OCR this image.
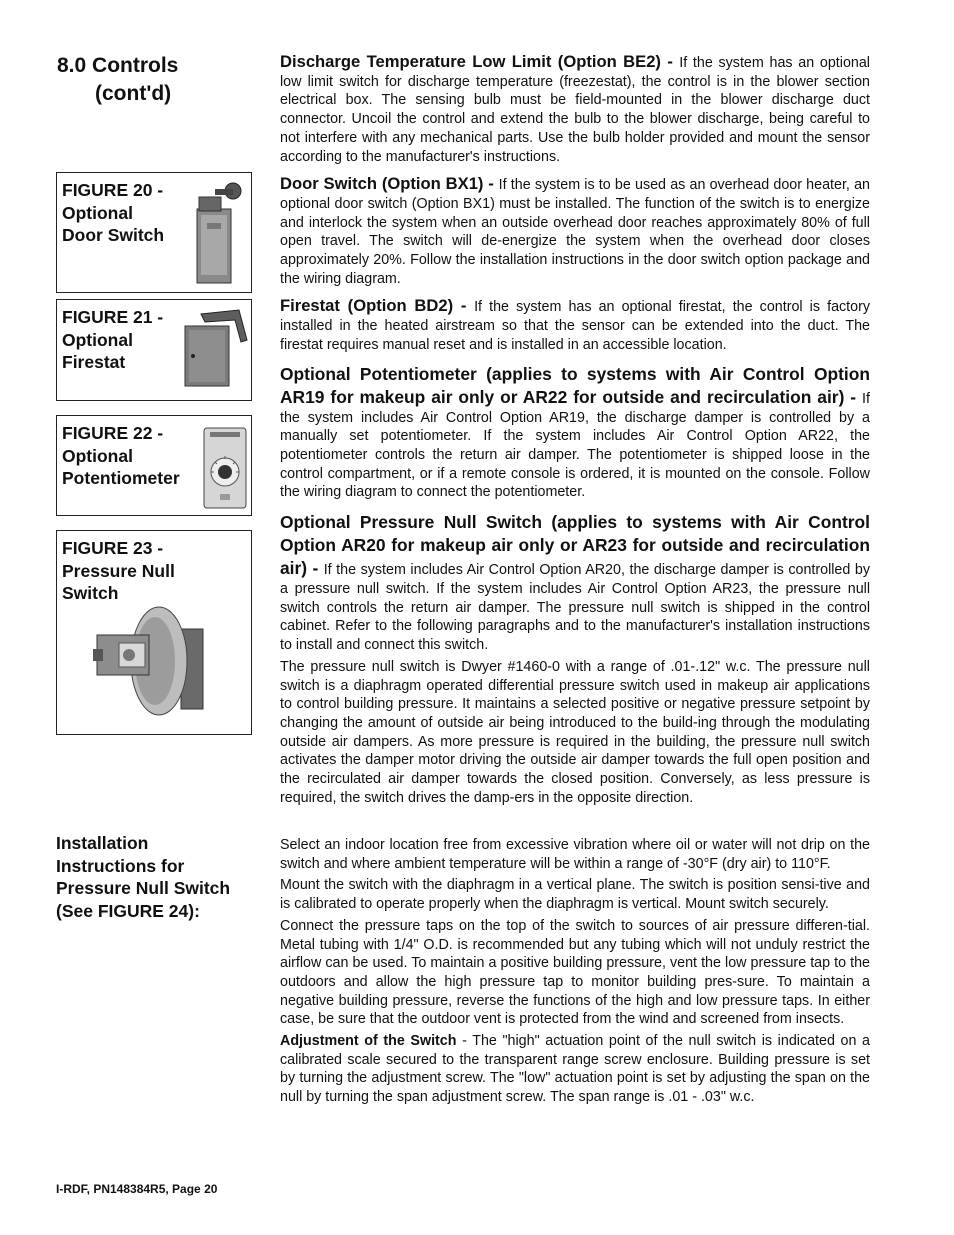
8.0 Controls
(cont'd)
FIGURE 20 -
Optional
Door Switch
FIGURE 21 -
Optional
Firestat
FIGURE 22 -
Optional
Potentiometer
FIGURE 23 -
Pressure Null
Switch

Discharge Temperature Low Limit (Option BE2) - If the system has an optional low limit switch for discharge temperature (freezestat), the control is in the blower section electrical box. The sensing bulb must be field-mounted in the blower discharge duct connector. Uncoil the control and extend the bulb to the blower discharge, being careful to not interfere with any mechanical parts. Use the bulb holder provided and mount the sensor according to the manufacturer's instructions.

Door Switch (Option BX1) - If the system is to be used as an overhead door heater, an optional door switch (Option BX1) must be installed. The function of the switch is to energize and interlock the system when an outside overhead door reaches approximately 80% of full open travel. The switch will de-energize the system when the overhead door closes approximately 20%. Follow the installation instructions in the door switch option package and the wiring diagram.

Firestat (Option BD2) - If the system has an optional firestat, the control is factory installed in the heated airstream so that the sensor can be extended into the duct. The firestat requires manual reset and is installed in an accessible location.

Optional Potentiometer (applies to systems with Air Control Option AR19 for makeup air only or AR22 for outside and recirculation air) - If the system includes Air Control Option AR19, the discharge damper is controlled by a manually set potentiometer. If the system includes Air Control Option AR22, the potentiometer controls the return air damper. The potentiometer is shipped loose in the control compartment, or if a remote console is ordered, it is mounted on the console. Follow the wiring diagram to connect the potentiometer.

Optional Pressure Null Switch (applies to systems with Air Control Option AR20 for makeup air only or AR23 for outside and recirculation air) - If the system includes Air Control Option AR20, the discharge damper is controlled by a pressure null switch. If the system includes Air Control Option AR23, the pressure null switch controls the return air damper. The pressure null switch is shipped in the control cabinet. Refer to the following paragraphs and to the manufacturer's installation instructions to install and connect this switch.

The pressure null switch is Dwyer #1460-0 with a range of .01-.12" w.c. The pressure null switch is a diaphragm operated differential pressure switch used in makeup air applications to control building pressure. It maintains a selected positive or negative pressure setpoint by changing the amount of outside air being introduced to the build-ing through the modulating outside air dampers. As more pressure is required in the building, the pressure null switch activates the damper motor driving the outside air damper towards the full open position and the recirculated air damper towards the closed position. Conversely, as less pressure is required, the switch drives the damp-ers in the opposite direction.

Installation
Instructions for
Pressure Null Switch
(See FIGURE 24):

Select an indoor location free from excessive vibration where oil or water will not drip on the switch and where ambient temperature will be within a range of -30°F (dry air) to 110°F.

Mount the switch with the diaphragm in a vertical plane. The switch is position sensi-tive and is calibrated to operate properly when the diaphragm is vertical. Mount switch securely.

Connect the pressure taps on the top of the switch to sources of air pressure differen-tial. Metal tubing with 1/4" O.D. is recommended but any tubing which will not unduly restrict the airflow can be used. To maintain a positive building pressure, vent the low pressure tap to the outdoors and allow the high pressure tap to monitor building pres-sure. To maintain a negative building pressure, reverse the functions of the high and low pressure taps. In either case, be sure that the outdoor vent is protected from the wind and screened from insects.

Adjustment of the Switch - The "high" actuation point of the null switch is indicated on a calibrated scale secured to the transparent range screw enclosure. Building pressure is set by turning the adjustment screw. The "low" actuation point is set by adjusting the span on the null by turning the span adjustment screw. The span range is .01 - .03" w.c.

I-RDF, PN148384R5, Page 20
